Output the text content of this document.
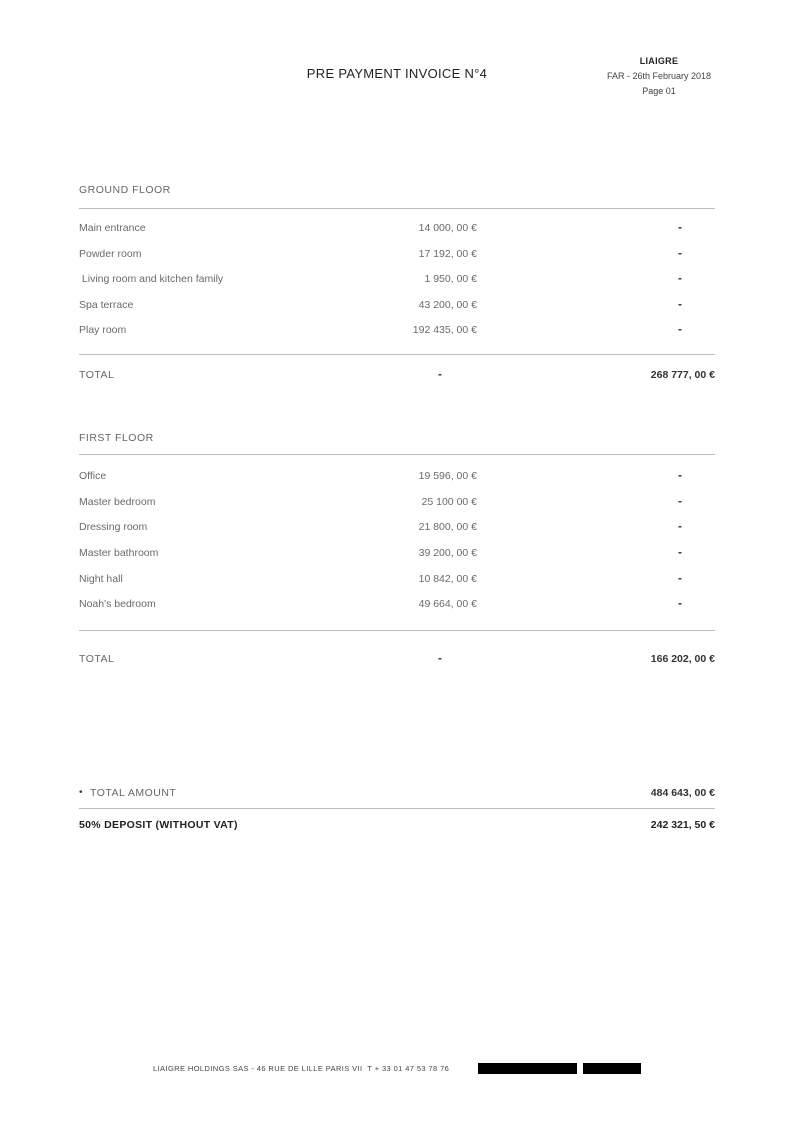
PRE PAYMENT INVOICE N°4
LIAIGRE
FAR - 26th February 2018
Page 01
GROUND FLOOR
Main entrance	14 000, 00 €	-
Powder room	17 192, 00 €	-
Living room and kitchen family	1 950, 00 €	-
Spa terrace	43 200, 00 €	-
Play room	192 435, 00 €	-
TOTAL	-	268 777, 00 €
FIRST FLOOR
Office	19 596, 00 €	-
Master bedroom	25 100 00 €	-
Dressing room	21 800, 00 €	-
Master bathroom	39 200, 00 €	-
Night hall	10 842, 00 €	-
Noah's bedroom	49 664, 00 €	-
TOTAL	-	166 202, 00 €
• TOTAL AMOUNT	484 643, 00 €
50% DEPOSIT (WITHOUT VAT)	242 321, 50 €
LIAIGRE HOLDINGS SAS - 46 RUE DE LILLE PARIS VII  T + 33 01 47 53 78 76
